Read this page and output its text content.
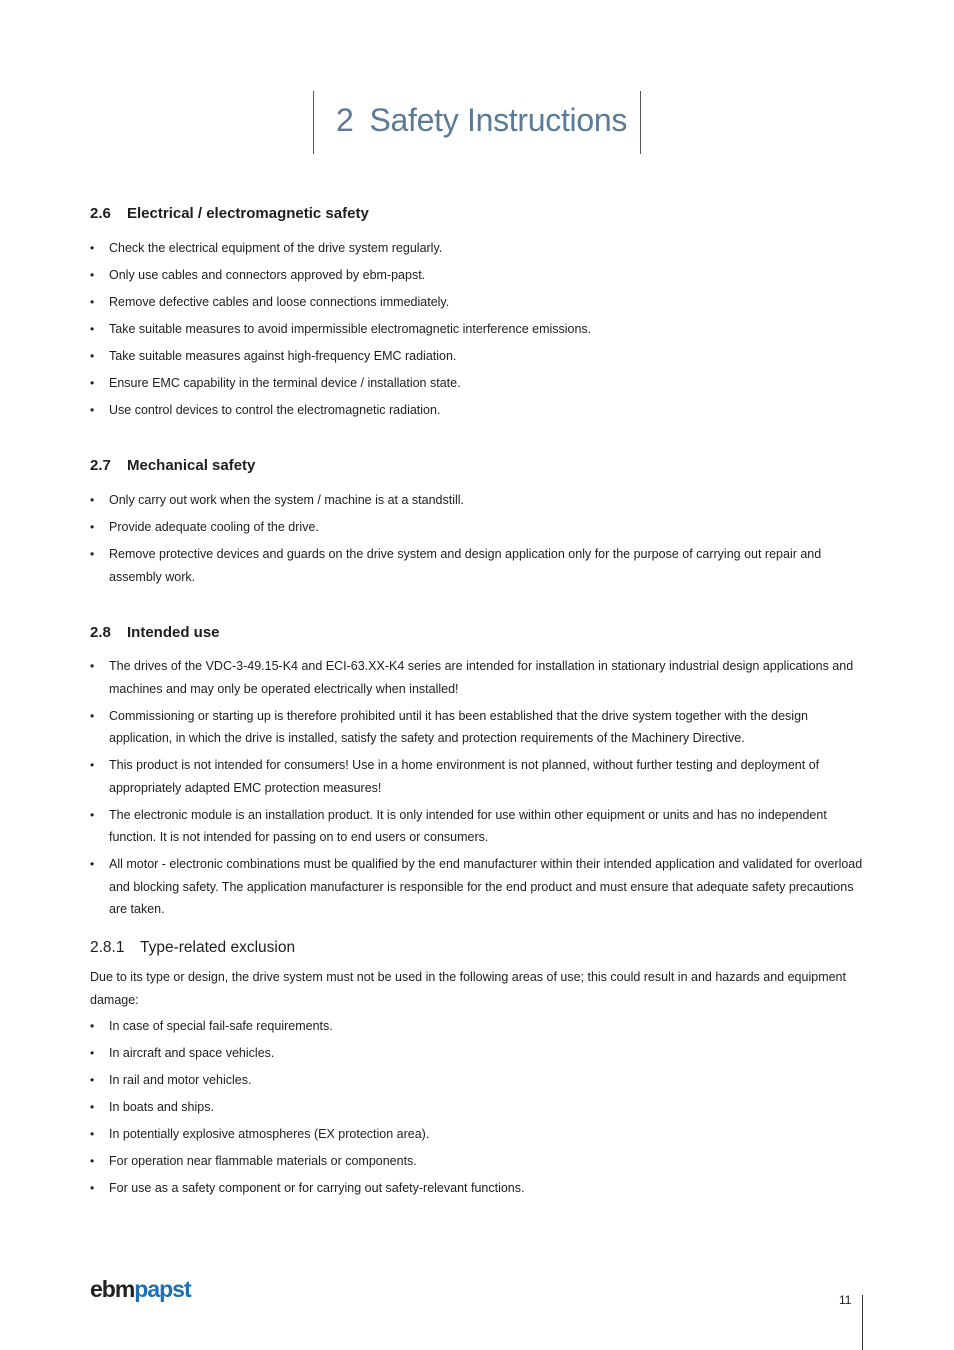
2 Safety Instructions
2.6 Electrical / electromagnetic safety
• Check the electrical equipment of the drive system regularly.
• Only use cables and connectors approved by ebm-papst.
• Remove defective cables and loose connections immediately.
• Take suitable measures to avoid impermissible electromagnetic interference emissions.
• Take suitable measures against high-frequency EMC radiation.
• Ensure EMC capability in the terminal device / installation state.
• Use control devices to control the electromagnetic radiation.
2.7 Mechanical safety
• Only carry out work when the system / machine is at a standstill.
• Provide adequate cooling of the drive.
• Remove protective devices and guards on the drive system and design application only for the purpose of carrying out repair and assembly work.
2.8 Intended use
• The drives of the VDC-3-49.15-K4 and ECI-63.XX-K4 series are intended for installation in stationary industrial design applications and machines and may only be operated electrically when installed!
• Commissioning or starting up is therefore prohibited until it has been established that the drive system together with the design application, in which the drive is installed, satisfy the safety and protection requirements of the Machinery Directive.
• This product is not intended for consumers! Use in a home environment is not planned, without further testing and deployment of appropriately adapted EMC protection measures!
• The electronic module is an installation product. It is only intended for use within other equipment or units and has no independent function. It is not intended for passing on to end users or consumers.
• All motor - electronic combinations must be qualified by the end manufacturer within their intended application and validated for overload and blocking safety. The application manufacturer is responsible for the end product and must ensure that adequate safety precautions are taken.
2.8.1 Type-related exclusion

Due to its type or design, the drive system must not be used in the following areas of use; this could result in and hazards and equipment damage:

• In case of special fail-safe requirements.
• In aircraft and space vehicles.
• In rail and motor vehicles.
• In boats and ships.
• In potentially explosive atmospheres (EX protection area).
• For operation near flammable materials or components.
• For use as a safety component or for carrying out safety-relevant functions.
ebmpapst	11
